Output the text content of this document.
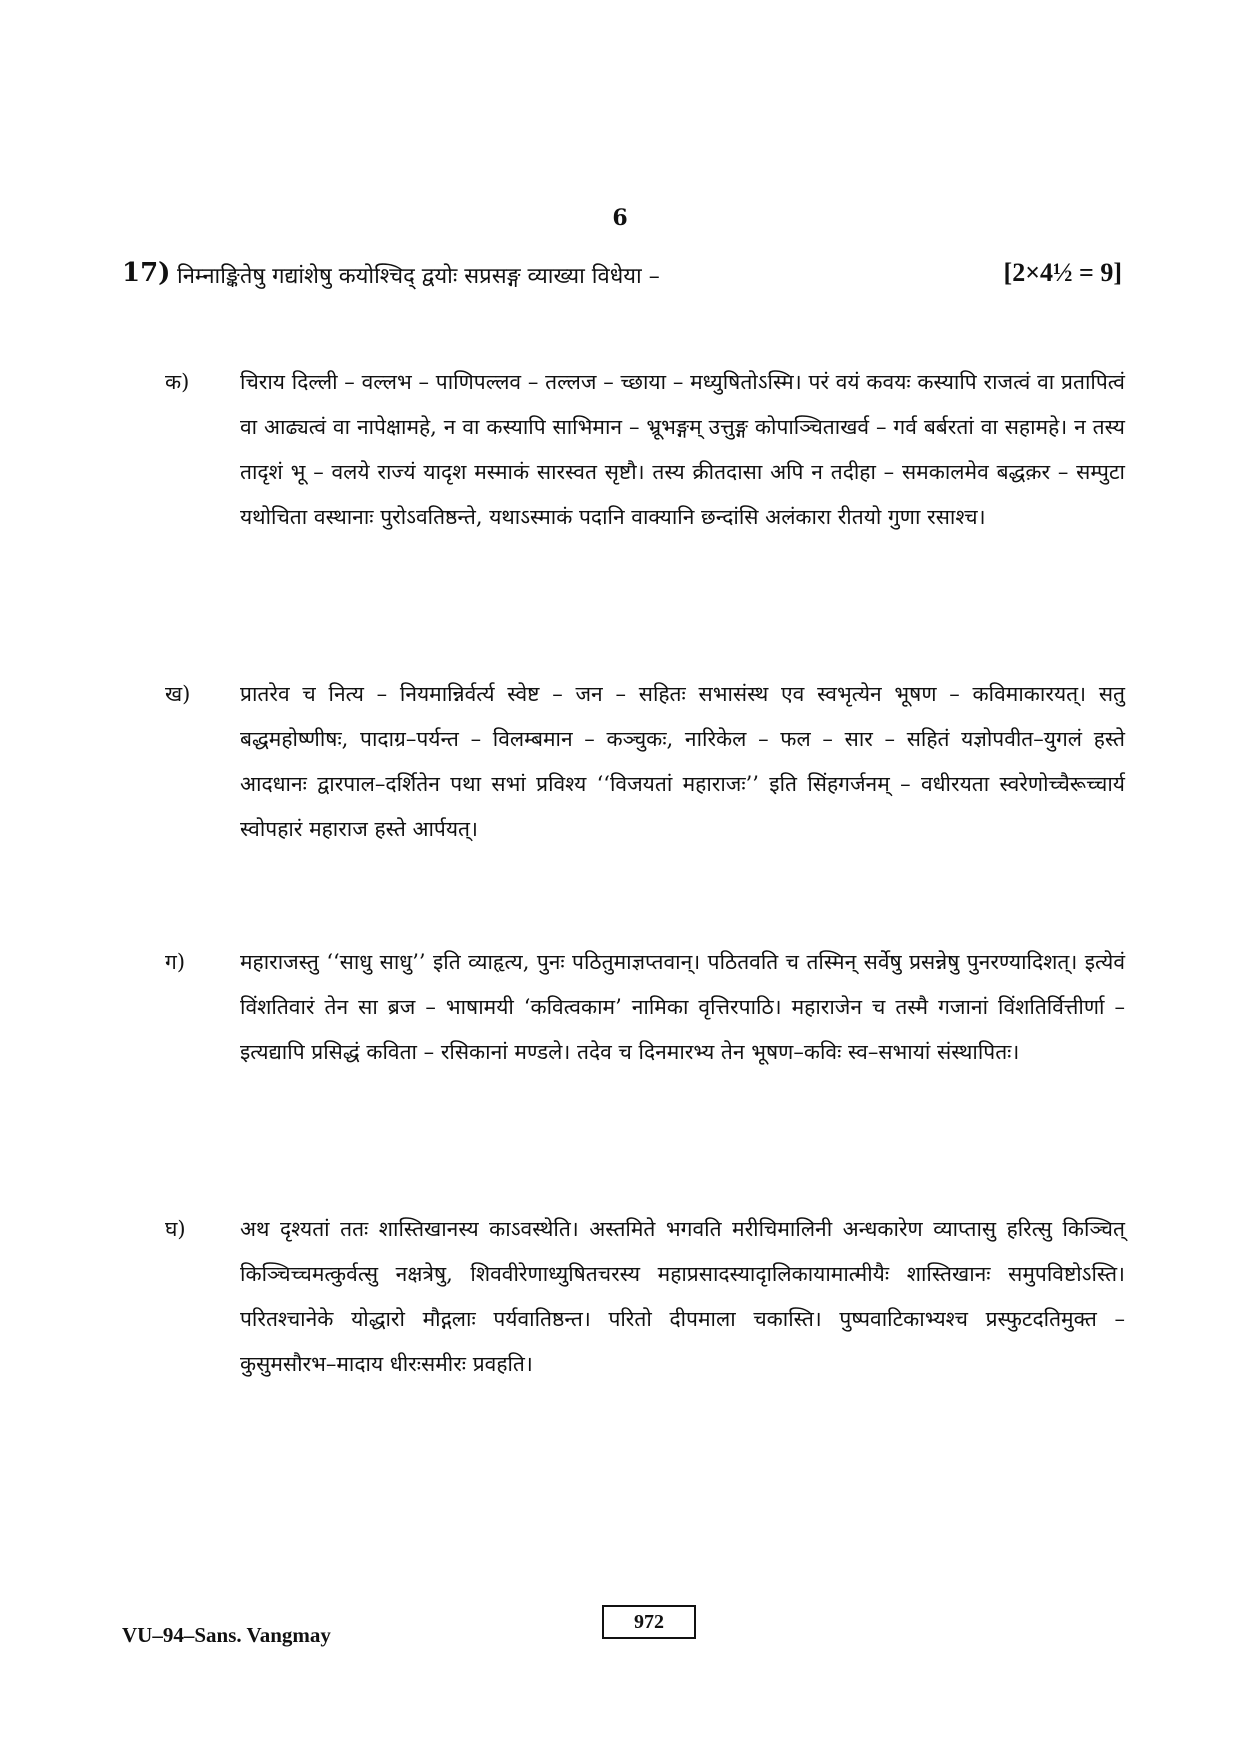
6
17) निम्नाङ्कितेषु गद्यांशेषु कयोश्चिद् द्वयोः सप्रसङ्ग व्याख्या विधेया –	[2×4½ = 9]
क)	चिराय दिल्ली – वल्लभ – पाणिपल्लव – तल्लज – च्छाया – मध्युषितोऽस्मि। परं वयं कवयः कस्यापि राजत्वं वा प्रतापित्वं वा आढ्यत्वं वा नापेक्षामहे, न वा कस्यापि साभिमान – भ्रूभङ्गम् उत्तुङ्ग कोपाञ्चिताखर्व – गर्व बर्बरतां वा सहामहे। न तस्य तादृशं भू – वलये राज्यं यादृश मस्माकं सारस्वत सृष्टौ। तस्य क्रीतदासा अपि न तदीहा – समकालमेव बद्धक़र – सम्पुटा यथोचिता वस्थानाः पुरोऽवतिष्ठन्ते, यथाऽस्माकं पदानि वाक्यानि छन्दांसि अलंकारा रीतयो गुणा रसाश्च।
ख)	प्रातरेव च नित्य – नियमान्निर्वर्त्य स्वेष्ट – जन – सहितः सभासंस्थ एव स्वभृत्येन भूषण – कविमाकारयत्। सतु बद्धमहोष्णीषः, पादाग्र–पर्यन्त – विलम्बमान – कञ्चुकः, नारिकेल – फल – सार – सहितं यज्ञोपवीत–युगलं हस्ते आदधानः द्वारपाल–दर्शितेन पथा सभां प्रविश्य ‘‘विजयतां महाराजः’’ इति सिंहगर्जनम् – वधीरयता स्वरेणोच्चैरूच्चार्य स्वोपहारं महाराज हस्ते आर्पयत्।
ग)	महाराजस्तु ‘‘साधु साधु’’ इति व्याहृत्य, पुनः पठितुमाज्ञप्तवान्। पठितवति च तस्मिन् सर्वेषु प्रसन्नेषु पुनरण्यादिशत्। इत्येवं विंशतिवारं तेन सा ब्रज – भाषामयी ‘कवित्वकाम’ नामिका वृत्तिरपाठि। महाराजेन च तस्मै गजानां विंशतिर्वित्तीर्णा – इत्यद्यापि प्रसिद्धं कविता – रसिकानां मण्डले। तदेव च दिनमारभ्य तेन भूषण–कविः स्व–सभायां संस्थापितः।
घ)	अथ दृश्यतां ततः शास्तिखानस्य काऽवस्थेति। अस्तमिते भगवति मरीचिमालिनी अन्धकारेण व्याप्तासु हरित्सु किञ्चित् किञ्चिच्चमत्कुर्वत्सु नक्षत्रेषु, शिववीरेणाध्युषितचरस्य महाप्रसादस्यादृालिकायामात्मीयैः शास्तिखानः समुपविष्टोऽस्ति। परितश्चानेके योद्धारो मौद्गलाः पर्यवातिष्ठन्त। परितो दीपमाला चकास्ति। पुष्पवाटिकाभ्यश्च प्रस्फुटदतिमुक्त – कुसुमसौरभ–मादाय धीरःसमीरः प्रवहति।
VU–94–Sans. Vangmay
972
